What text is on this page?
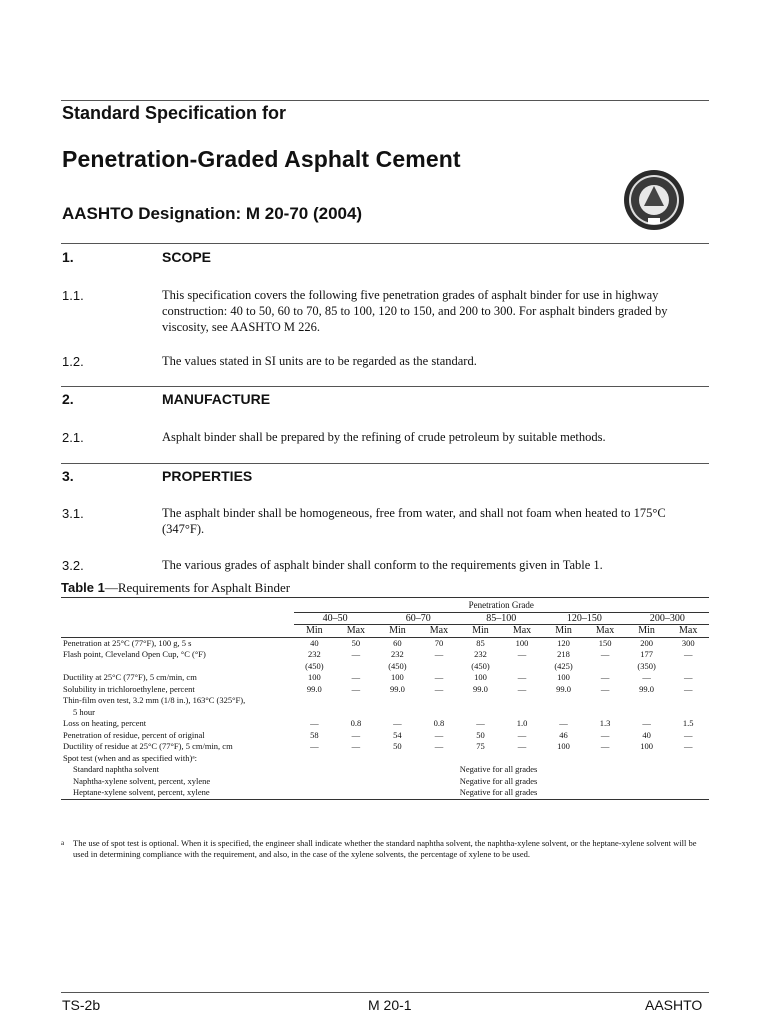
Standard Specification for
Penetration-Graded Asphalt Cement
AASHTO Designation: M 20-70 (2004)
1.	SCOPE
1.1.	This specification covers the following five penetration grades of asphalt binder for use in highway construction: 40 to 50, 60 to 70, 85 to 100, 120 to 150, and 200 to 300. For asphalt binders graded by viscosity, see AASHTO M 226.
1.2.	The values stated in SI units are to be regarded as the standard.
2.	MANUFACTURE
2.1.	Asphalt binder shall be prepared by the refining of crude petroleum by suitable methods.
3.	PROPERTIES
3.1.	The asphalt binder shall be homogeneous, free from water, and shall not foam when heated to 175°C (347°F).
3.2.	The various grades of asphalt binder shall conform to the requirements given in Table 1.
Table 1—Requirements for Asphalt Binder
	Penetration Grade									
	40–50		60–70		85–100		120–150		200–300	
	Min	Max	Min	Max	Min	Max	Min	Max	Min	Max
Penetration at 25°C (77°F), 100 g, 5 s	40	50	60	70	85	100	120	150	200	300
Flash point, Cleveland Open Cup, °C (°F)	232	—	232	—	232	—	218	—	177	—
	(450)		(450)		(450)		(425)		(350)	
Ductility at 25°C (77°F), 5 cm/min, cm	100	—	100	—	100	—	100	—	—	—
Solubility in trichloroethylene, percent	99.0	—	99.0	—	99.0	—	99.0	—	99.0	—
Thin-film oven test, 3.2 mm (1/8 in.), 163°C (325°F),										
5 hour										
Loss on heating, percent	—	0.8	—	0.8	—	1.0	—	1.3	—	1.5
Penetration of residue, percent of original	58	—	54	—	50	—	46	—	40	—
Ductility of residue at 25°C (77°F), 5 cm/min, cm	—	—	50	—	75	—	100	—	100	—
Spot test (when and as specified with)ᵃ:										
Standard naphtha solvent					Negative for all grades					
Naphtha-xylene solvent, percent, xylene					Negative for all grades					
Heptane-xylene solvent, percent, xylene					Negative for all grades					
a The use of spot test is optional. When it is specified, the engineer shall indicate whether the standard naphtha solvent, the naphtha-xylene solvent, or the heptane-xylene solvent will be used in determining compliance with the requirement, and also, in the case of the xylene solvents, the percentage of xylene to be used.
TS-2b	M 20-1	AASHTO
